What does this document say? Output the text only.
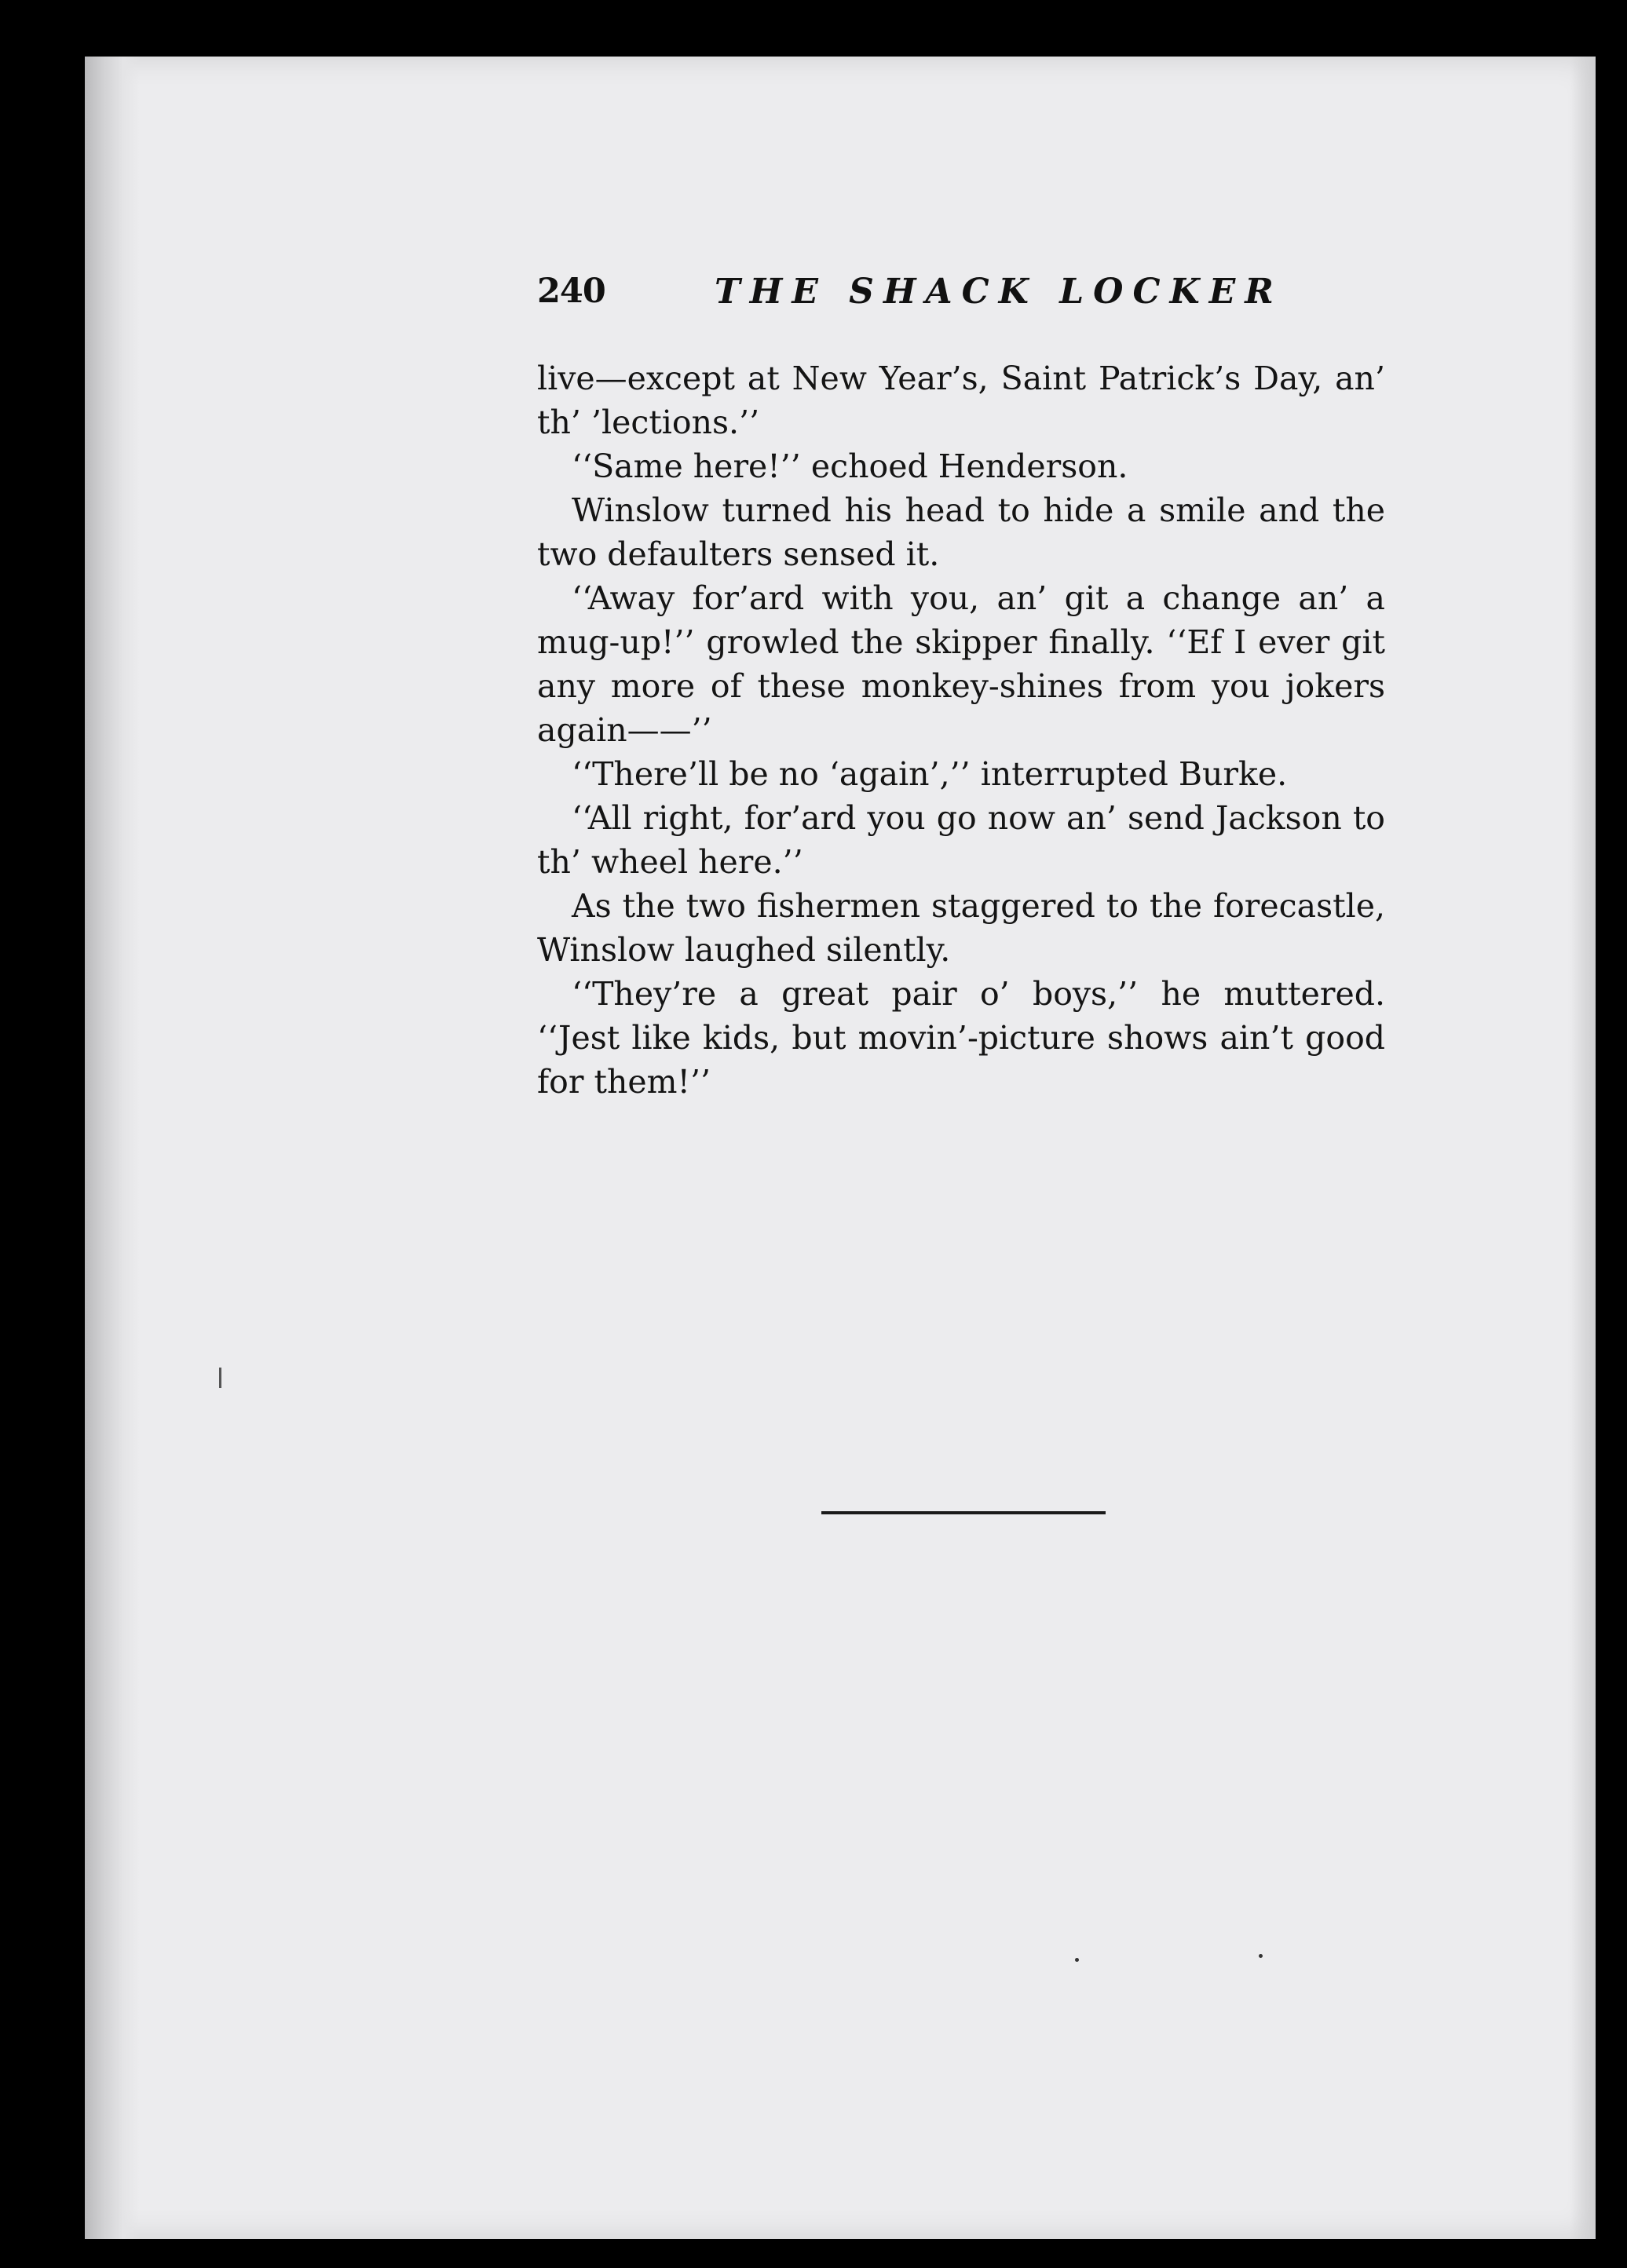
240	THE SHACK LOCKER

live—except at New Year’s, Saint Patrick’s Day, an’ th’ ’lections.’’

‘‘Same here!’’ echoed Henderson.

Winslow turned his head to hide a smile and the two defaulters sensed it.

‘‘Away for’ard with you, an’ git a change an’ a mug-up!’’ growled the skipper finally. ‘‘Ef I ever git any more of these monkey-shines from you jokers again——’’

‘‘There’ll be no ‘again’,’’ interrupted Burke.

‘‘All right, for’ard you go now an’ send Jackson to th’ wheel here.’’

As the two fishermen staggered to the forecastle, Winslow laughed silently.

‘‘They’re a great pair o’ boys,’’ he muttered. ‘‘Jest like kids, but movin’-picture shows ain’t good for them!’’
